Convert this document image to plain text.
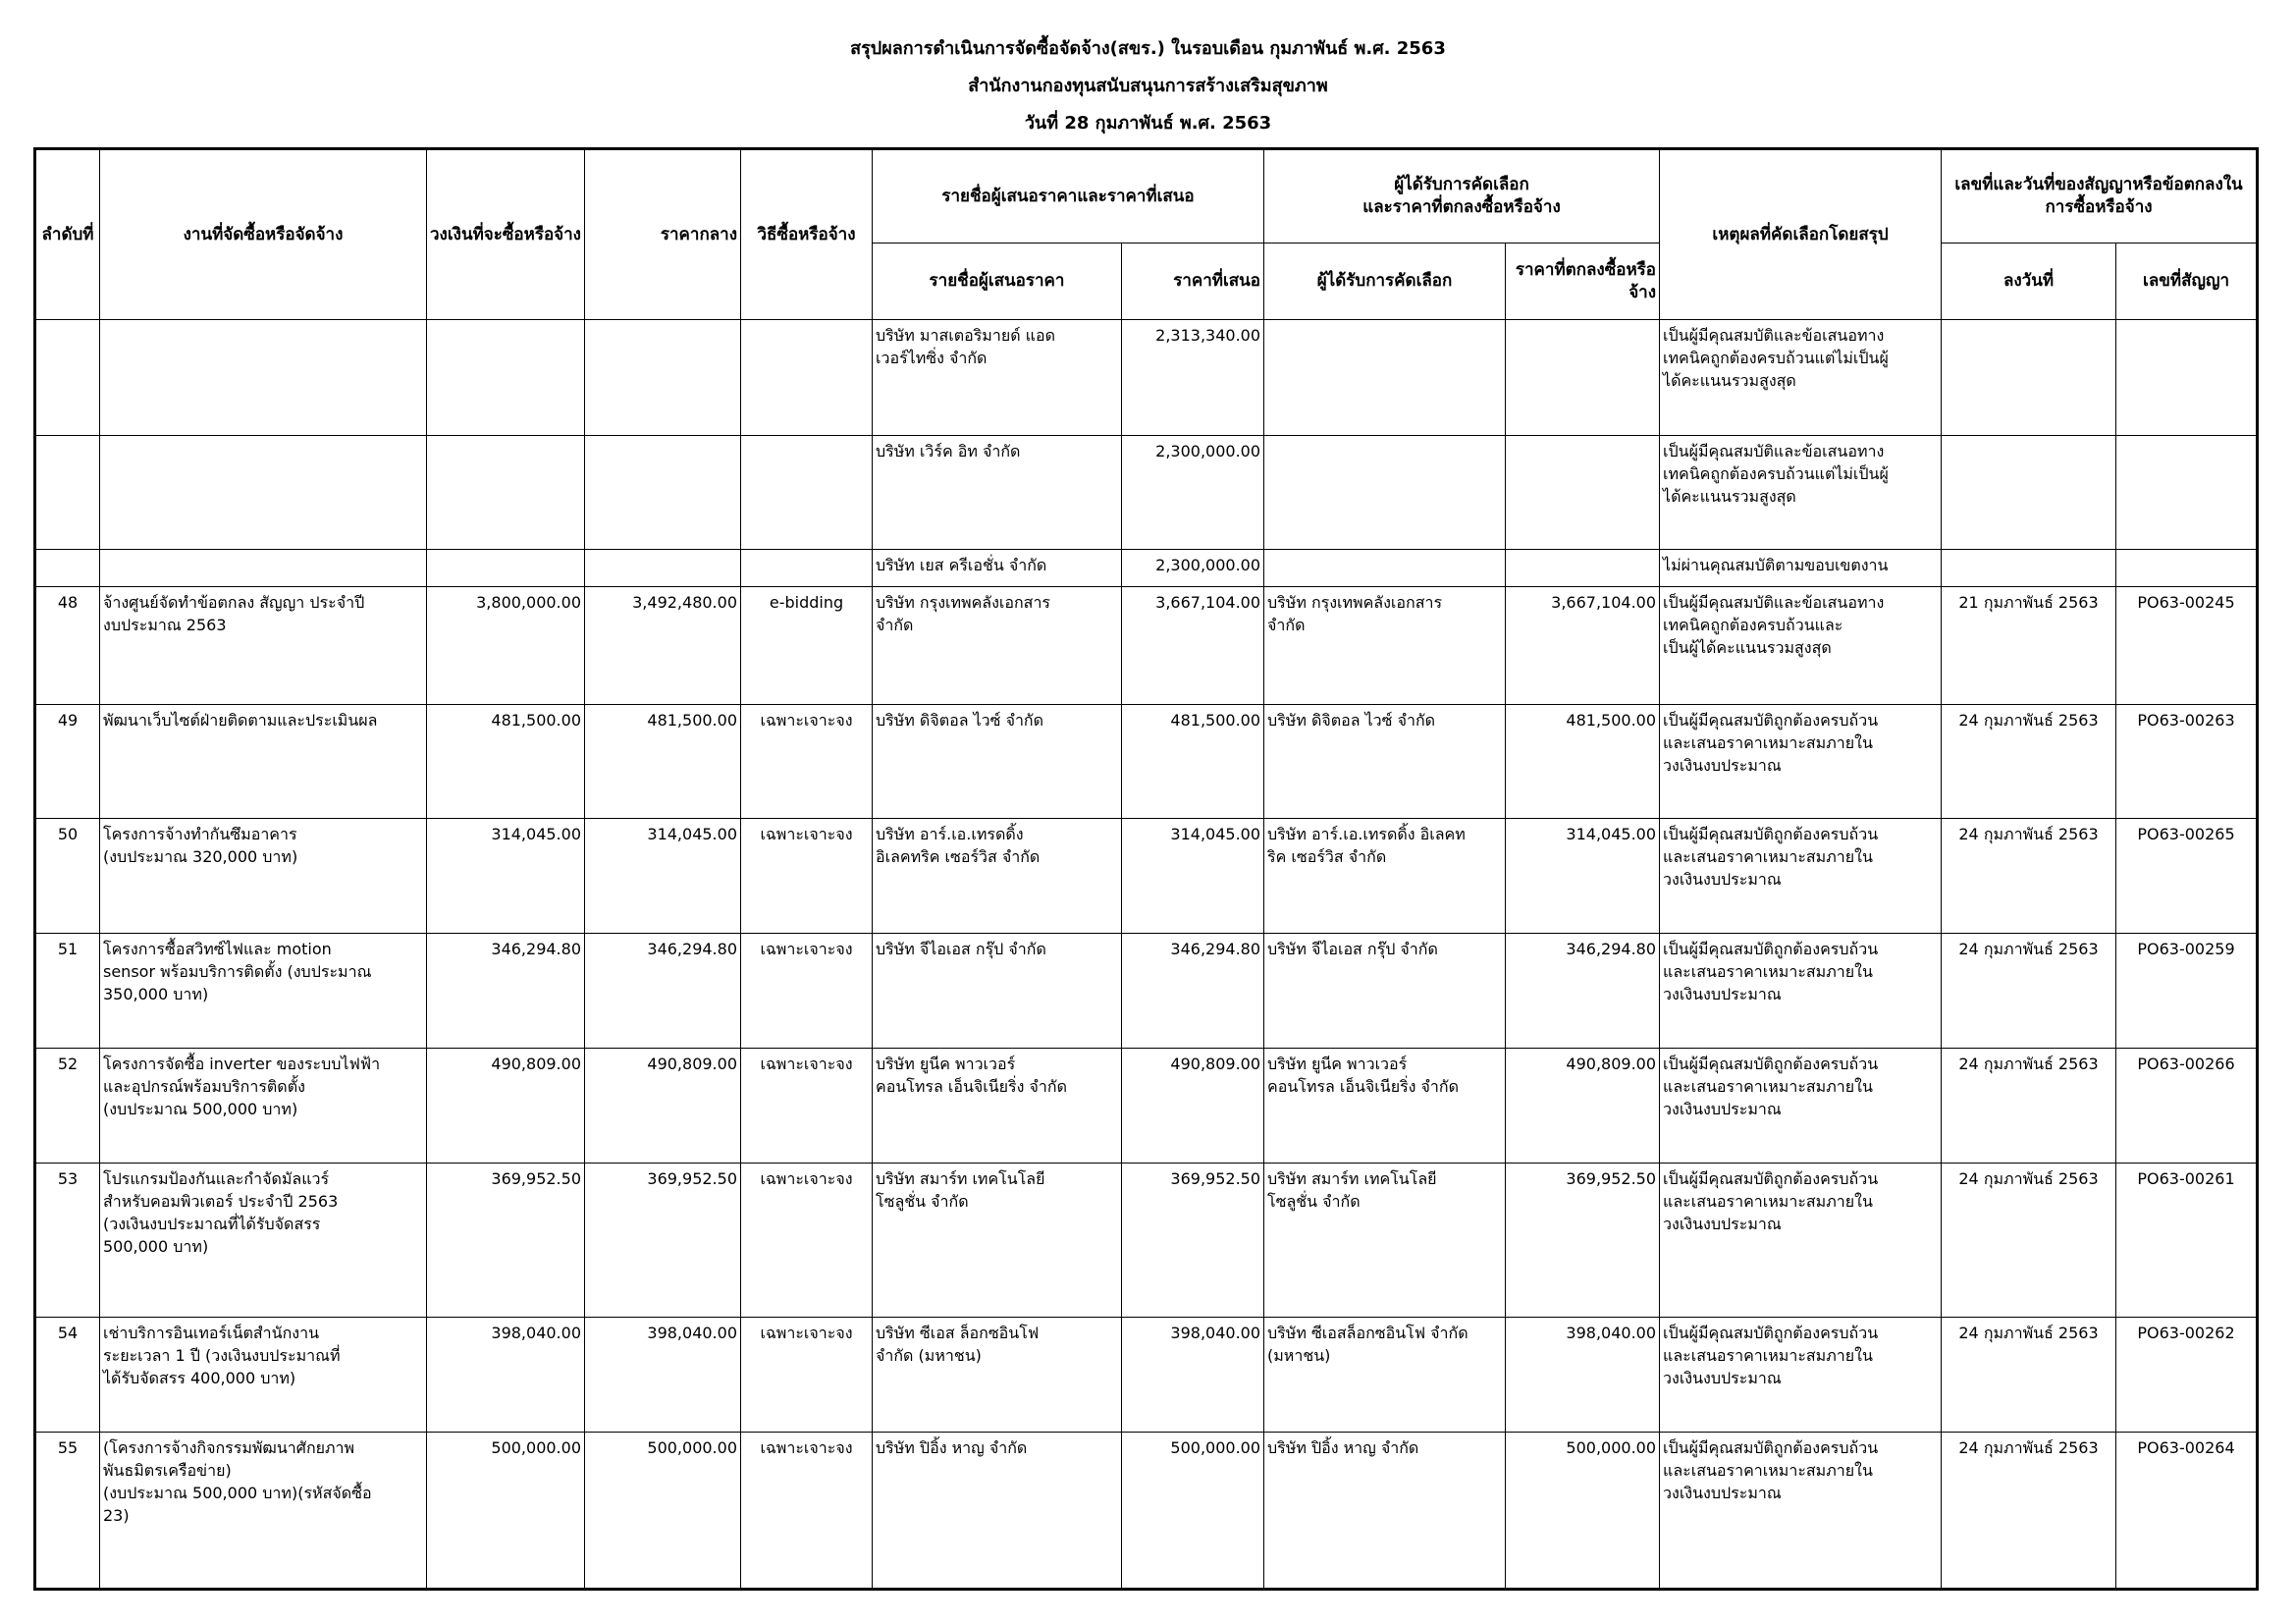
สรุปผลการดำเนินการจัดซื้อจัดจ้าง(สขร.) ในรอบเดือน กุมภาพันธ์ พ.ศ. 2563
สำนักงานกองทุนสนับสนุนการสร้างเสริมสุขภาพ
วันที่ 28 กุมภาพันธ์ พ.ศ. 2563
ลำดับที่	งานที่จัดซื้อหรือจัดจ้าง	วงเงินที่จะซื้อหรือจ้าง	ราคากลาง	วิธีซื้อหรือจ้าง	รายชื่อผู้เสนอราคาและราคาที่เสนอ		ผู้ได้รับการคัดเลือก
และราคาที่ตกลงซื้อหรือจ้าง		เหตุผลที่คัดเลือกโดยสรุป	เลขที่และวันที่ของสัญญาหรือข้อตกลงในการซื้อหรือจ้าง	
					รายชื่อผู้เสนอราคา	ราคาที่เสนอ	ผู้ได้รับการคัดเลือก	ราคาที่ตกลงซื้อหรือจ้าง		ลงวันที่	เลขที่สัญญา
					บริษัท มาสเตอริมายด์ แอด
เวอร์ไทซิ่ง จำกัด	2,313,340.00			เป็นผู้มีคุณสมบัติและข้อเสนอทาง
เทคนิคถูกต้องครบถ้วนแต่ไม่เป็นผู้
ได้คะแนนรวมสูงสุด		
					บริษัท เวิร์ค อิท จำกัด	2,300,000.00			เป็นผู้มีคุณสมบัติและข้อเสนอทาง
เทคนิคถูกต้องครบถ้วนแต่ไม่เป็นผู้
ได้คะแนนรวมสูงสุด		
					บริษัท เยส ครีเอชั่น จำกัด	2,300,000.00			ไม่ผ่านคุณสมบัติตามขอบเขตงาน		
48	จ้างศูนย์จัดทำข้อตกลง สัญญา ประจำปี
งบประมาณ 2563	3,800,000.00	3,492,480.00	e-bidding	บริษัท กรุงเทพคลังเอกสาร
จำกัด	3,667,104.00	บริษัท กรุงเทพคลังเอกสาร
จำกัด	3,667,104.00	เป็นผู้มีคุณสมบัติและข้อเสนอทาง
เทคนิคถูกต้องครบถ้วนและ
เป็นผู้ได้คะแนนรวมสูงสุด	21 กุมภาพันธ์ 2563	PO63-00245
49	พัฒนาเว็บไซต์ฝ่ายติดตามและประเมินผล	481,500.00	481,500.00	เฉพาะเจาะจง	บริษัท ดิจิตอล ไวซ์ จำกัด	481,500.00	บริษัท ดิจิตอล ไวซ์ จำกัด	481,500.00	เป็นผู้มีคุณสมบัติถูกต้องครบถ้วน
และเสนอราคาเหมาะสมภายใน
วงเงินงบประมาณ	24 กุมภาพันธ์ 2563	PO63-00263
50	โครงการจ้างทำกันซึมอาคาร
(งบประมาณ 320,000 บาท)	314,045.00	314,045.00	เฉพาะเจาะจง	บริษัท อาร์.เอ.เทรดดิ้ง
อิเลคทริค เซอร์วิส จำกัด	314,045.00	บริษัท อาร์.เอ.เทรดดิ้ง อิเลคท
ริค เซอร์วิส จำกัด	314,045.00	เป็นผู้มีคุณสมบัติถูกต้องครบถ้วน
และเสนอราคาเหมาะสมภายใน
วงเงินงบประมาณ	24 กุมภาพันธ์ 2563	PO63-00265
51	โครงการซื้อสวิทซ์ไฟและ motion
sensor พร้อมบริการติดตั้ง (งบประมาณ
350,000 บาท)	346,294.80	346,294.80	เฉพาะเจาะจง	บริษัท จีไอเอส กรุ๊ป จำกัด	346,294.80	บริษัท จีไอเอส กรุ๊ป จำกัด	346,294.80	เป็นผู้มีคุณสมบัติถูกต้องครบถ้วน
และเสนอราคาเหมาะสมภายใน
วงเงินงบประมาณ	24 กุมภาพันธ์ 2563	PO63-00259
52	โครงการจัดซื้อ inverter ของระบบไฟฟ้า
และอุปกรณ์พร้อมบริการติดตั้ง
(งบประมาณ 500,000 บาท)	490,809.00	490,809.00	เฉพาะเจาะจง	บริษัท ยูนีค พาวเวอร์
คอนโทรล เอ็นจิเนียริ่ง จำกัด	490,809.00	บริษัท ยูนีค พาวเวอร์
คอนโทรล เอ็นจิเนียริ่ง จำกัด	490,809.00	เป็นผู้มีคุณสมบัติถูกต้องครบถ้วน
และเสนอราคาเหมาะสมภายใน
วงเงินงบประมาณ	24 กุมภาพันธ์ 2563	PO63-00266
53	โปรแกรมป้องกันและกำจัดมัลแวร์
สำหรับคอมพิวเตอร์ ประจำปี 2563
(วงเงินงบประมาณที่ได้รับจัดสรร
500,000 บาท)	369,952.50	369,952.50	เฉพาะเจาะจง	บริษัท สมาร์ท เทคโนโลยี
โซลูชั่น จำกัด	369,952.50	บริษัท สมาร์ท เทคโนโลยี
โซลูชั่น จำกัด	369,952.50	เป็นผู้มีคุณสมบัติถูกต้องครบถ้วน
และเสนอราคาเหมาะสมภายใน
วงเงินงบประมาณ	24 กุมภาพันธ์ 2563	PO63-00261
54	เช่าบริการอินเทอร์เน็ตสำนักงาน
ระยะเวลา 1 ปี (วงเงินงบประมาณที่
ได้รับจัดสรร 400,000 บาท)	398,040.00	398,040.00	เฉพาะเจาะจง	บริษัท ซีเอส ล็อกซอินโฟ
จำกัด (มหาชน)	398,040.00	บริษัท ซีเอสล็อกซอินโฟ จำกัด
(มหาชน)	398,040.00	เป็นผู้มีคุณสมบัติถูกต้องครบถ้วน
และเสนอราคาเหมาะสมภายใน
วงเงินงบประมาณ	24 กุมภาพันธ์ 2563	PO63-00262
55	(โครงการจ้างกิจกรรมพัฒนาศักยภาพ
พันธมิตรเครือข่าย)
(งบประมาณ 500,000 บาท)(รหัสจัดซื้อ
23)	500,000.00	500,000.00	เฉพาะเจาะจง	บริษัท ปิอิ้ง หาญ จำกัด	500,000.00	บริษัท ปิอิ้ง หาญ จำกัด	500,000.00	เป็นผู้มีคุณสมบัติถูกต้องครบถ้วน
และเสนอราคาเหมาะสมภายใน
วงเงินงบประมาณ	24 กุมภาพันธ์ 2563	PO63-00264
